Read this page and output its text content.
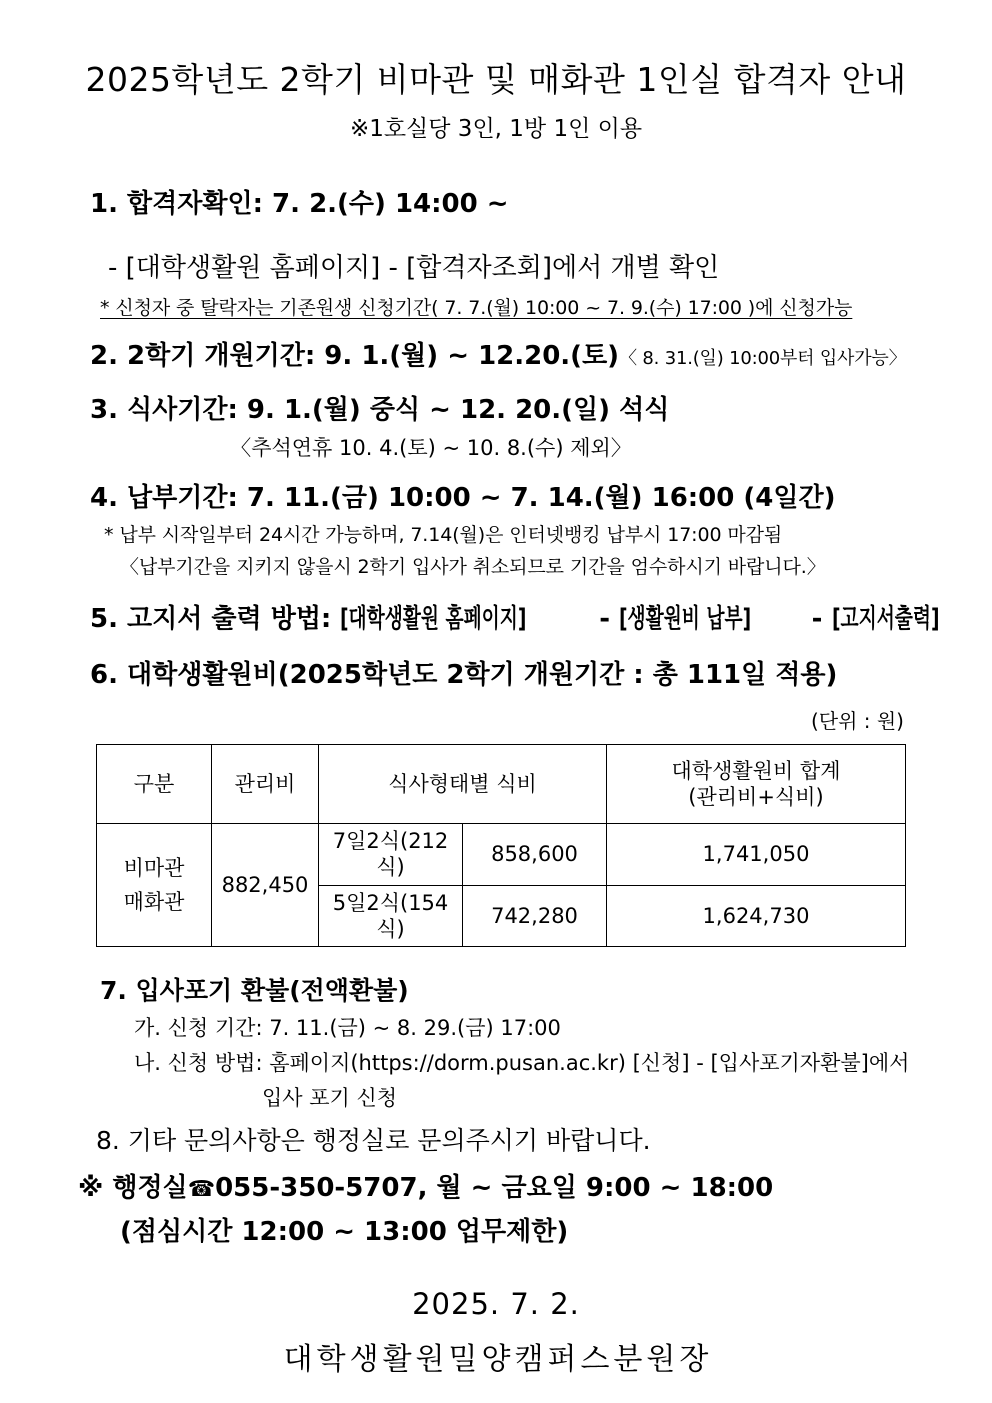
2025학년도 2학기 비마관 및 매화관 1인실 합격자 안내

※1호실당 3인, 1방 1인 이용

1. 합격자확인: 7. 2.(수) 14:00 ~

- [대학생활원 홈페이지] - [합격자조회]에서 개별 확인

* 신청자 중 탈락자는 기존원생 신청기간( 7. 7.(월) 10:00 ~ 7. 9.(수) 17:00 )에 신청가능

2. 2학기 개원기간: 9. 1.(월) ~ 12.20.(토)〈 8. 31.(일) 10:00부터 입사가능〉

3. 식사기간: 9. 1.(월) 중식 ~ 12. 20.(일) 석식

〈추석연휴 10. 4.(토) ~ 10. 8.(수) 제외〉

4. 납부기간: 7. 11.(금) 10:00 ~ 7. 14.(월) 16:00 (4일간)

* 납부 시작일부터 24시간 가능하며, 7.14(월)은 인터넷뱅킹 납부시 17:00 마감됨

〈납부기간을 지키지 않을시 2학기 입사가 취소되므로 기간을 엄수하시기 바랍니다.〉

5. 고지서 출력 방법: [대학생활원 홈페이지]	- [생활원비 납부] - [고지서출력]

6. 대학생활원비(2025학년도 2학기 개원기간 : 총 111일 적용)

(단위 : 원)

구분	관리비	식사형태별 식비		대학생활원비 합계
(관리비+식비)

비마관
매화관	882,450	7일2식(212식)	858,600	1,741,050
		5일2식(154식)	742,280	1,624,730

7. 입사포기 환불(전액환불)

가. 신청 기간: 7. 11.(금) ~ 8. 29.(금) 17:00

나. 신청 방법: 홈페이지(https://dorm.pusan.ac.kr) [신청] - [입사포기자환불]에서

입사 포기 신청

8. 기타 문의사항은 행정실로 문의주시기 바랍니다.

※ 행정실☎055-350-5707, 월 ~ 금요일 9:00 ~ 18:00

(점심시간 12:00 ~ 13:00 업무제한)

2025. 7. 2.

대학생활원밀양캠퍼스분원장
